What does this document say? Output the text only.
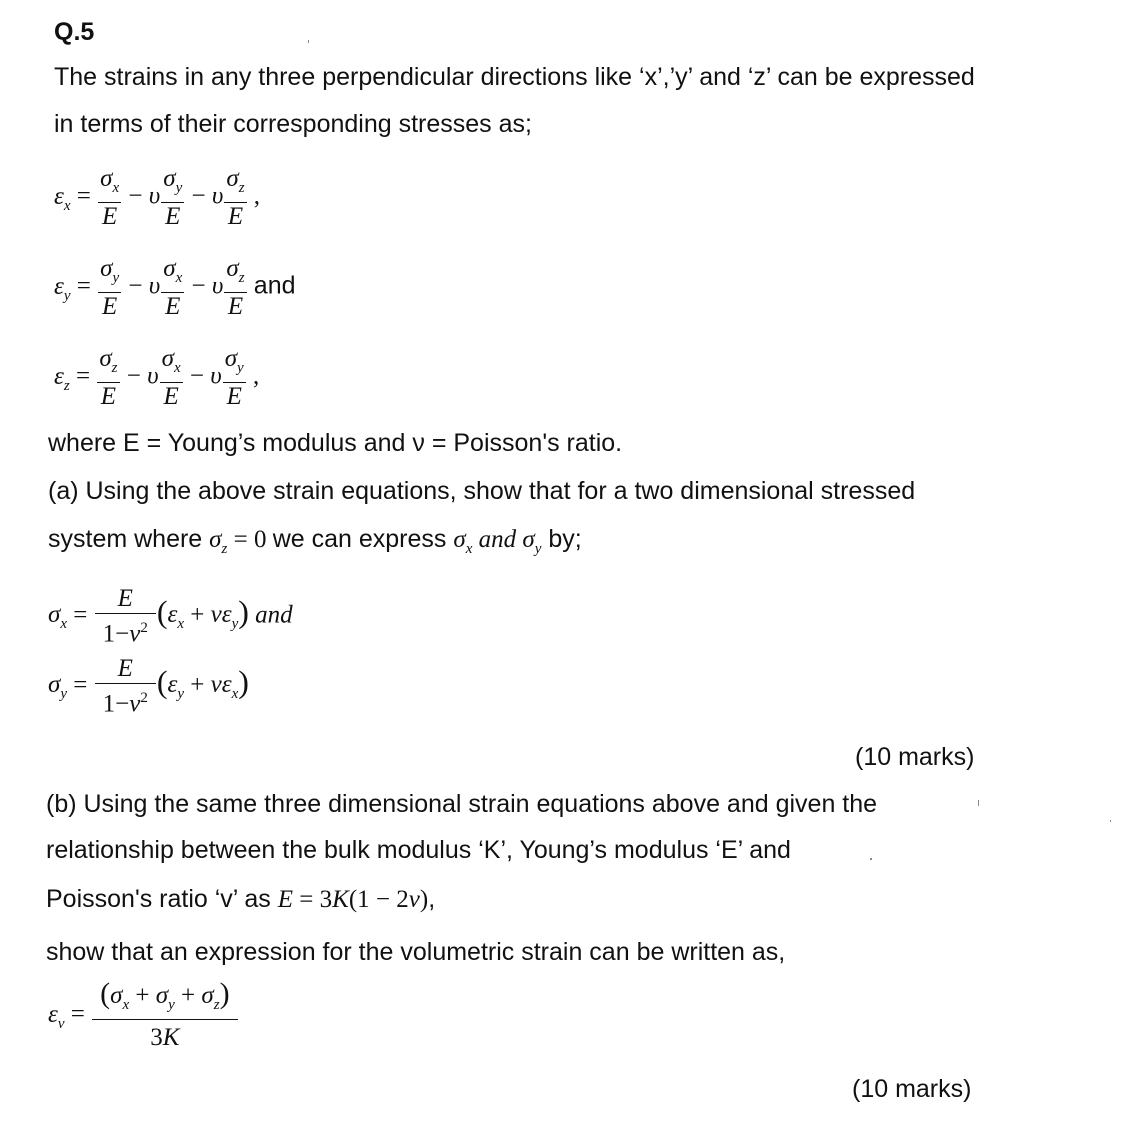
Q.5
The strains in any three perpendicular directions like ‘x’,’y’ and ‘z’ can be expressed
in terms of their corresponding stresses as;
$\varepsilon_x = \frac{\sigma_x}{E} - \upsilon \frac{\sigma_y}{E} - \upsilon \frac{\sigma_z}{E}$ ,
$\varepsilon_y = \frac{\sigma_y}{E} - \upsilon \frac{\sigma_x}{E} - \upsilon \frac{\sigma_z}{E}$ and
$\varepsilon_z = \frac{\sigma_z}{E} - \upsilon \frac{\sigma_x}{E} - \upsilon \frac{\sigma_y}{E}$ ,
where E = Young’s modulus and ν = Poisson's ratio.
(a) Using the above strain equations, show that for a two dimensional stressed
system where $\sigma_z = 0$ we can express $\sigma_x$ and $\sigma_y$ by;
$\sigma_x = \frac{E}{1-\nu^2} (\varepsilon_x + \nu\varepsilon_y)$ and
$\sigma_y = \frac{E}{1-\nu^2} (\varepsilon_y + \nu\varepsilon_x)$
(10 marks)
(b) Using the same three dimensional strain equations above and given the
relationship between the bulk modulus ‘K’, Young’s modulus ‘E’ and
Poisson's ratio ‘v’ as E = 3K(1 − 2ν),
show that an expression for the volumetric strain can be written as,
$\varepsilon_v = \frac{(\sigma_x + \sigma_y + \sigma_z)}{3K}$
(10 marks)
